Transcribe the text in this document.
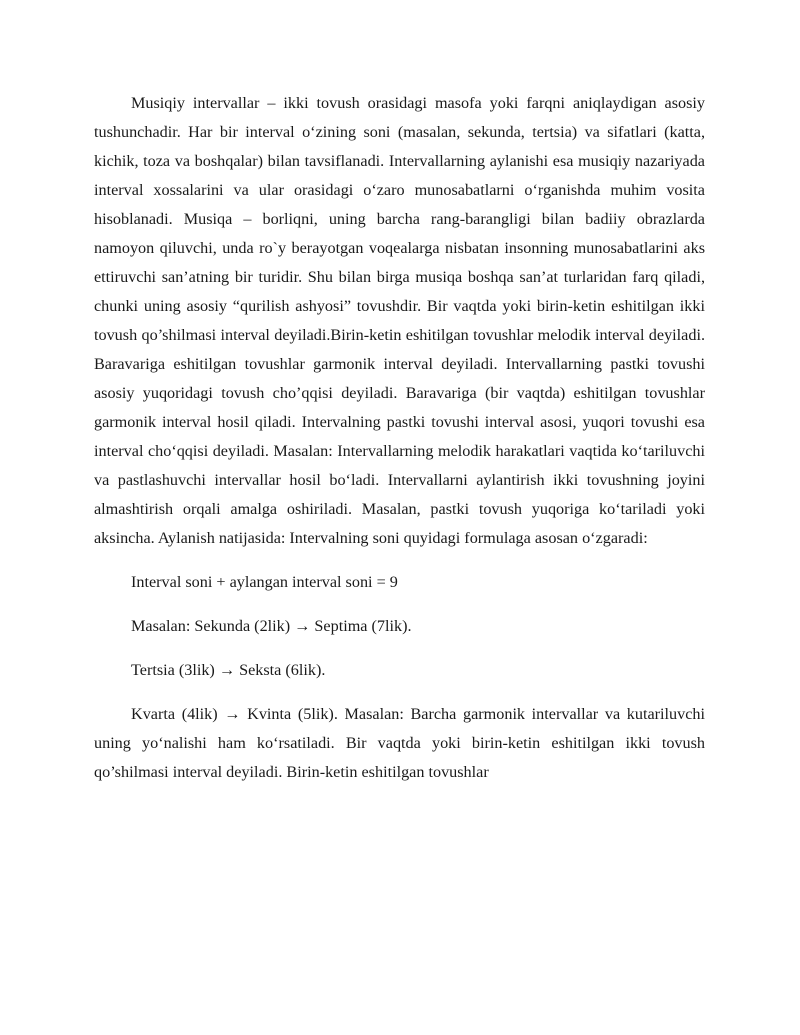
Musiqiy intervallar – ikki tovush orasidagi masofa yoki farqni aniqlaydigan asosiy tushunchadir. Har bir interval o‘zining soni (masalan, sekunda, tertsia) va sifatlari (katta, kichik, toza va boshqalar) bilan tavsiflanadi. Intervallarning aylanishi esa musiqiy nazariyada interval xossalarini va ular orasidagi o‘zaro munosabatlarni o‘rganishda muhim vosita hisoblanadi. Musiqa – borliqni, uning barcha rang-barangligi bilan badiiy obrazlarda namoyon qiluvchi, unda ro`y berayotgan voqealarga nisbatan insonning munosabatlarini aks ettiruvchi san’atning bir turidir. Shu bilan birga musiqa boshqa san’at turlaridan farq qiladi, chunki uning asosiy “qurilish ashyosi” tovushdir. Bir vaqtda yoki birin-ketin eshitilgan ikki tovush qo’shilmasi interval deyiladi.Birin-ketin eshitilgan tovushlar melodik interval deyiladi. Baravariga eshitilgan tovushlar garmonik interval deyiladi. Intervallarning pastki tovushi asosiy yuqoridagi tovush cho’qqisi deyiladi. Baravariga (bir vaqtda) eshitilgan tovushlar garmonik interval hosil qiladi. Intervalning pastki tovushi interval asosi, yuqori tovushi esa interval cho‘qqisi deyiladi. Masalan: Intervallarning melodik harakatlari vaqtida ko‘tariluvchi va pastlashuvchi intervallar hosil bo‘ladi. Intervallarni aylantirish ikki tovushning joyini almashtirish orqali amalga oshiriladi. Masalan, pastki tovush yuqoriga ko‘tariladi yoki aksincha. Aylanish natijasida: Intervalning soni quyidagi formulaga asosan o‘zgaradi:

Interval soni + aylangan interval soni = 9

Masalan: Sekunda (2lik) → Septima (7lik).

Tertsia (3lik) → Seksta (6lik).

Kvarta (4lik) → Kvinta (5lik). Masalan: Barcha garmonik intervallar va kutariluvchi uning yo‘nalishi ham ko‘rsatiladi. Bir vaqtda yoki birin-ketin eshitilgan ikki tovush qo’shilmasi interval deyiladi. Birin-ketin eshitilgan tovushlar
